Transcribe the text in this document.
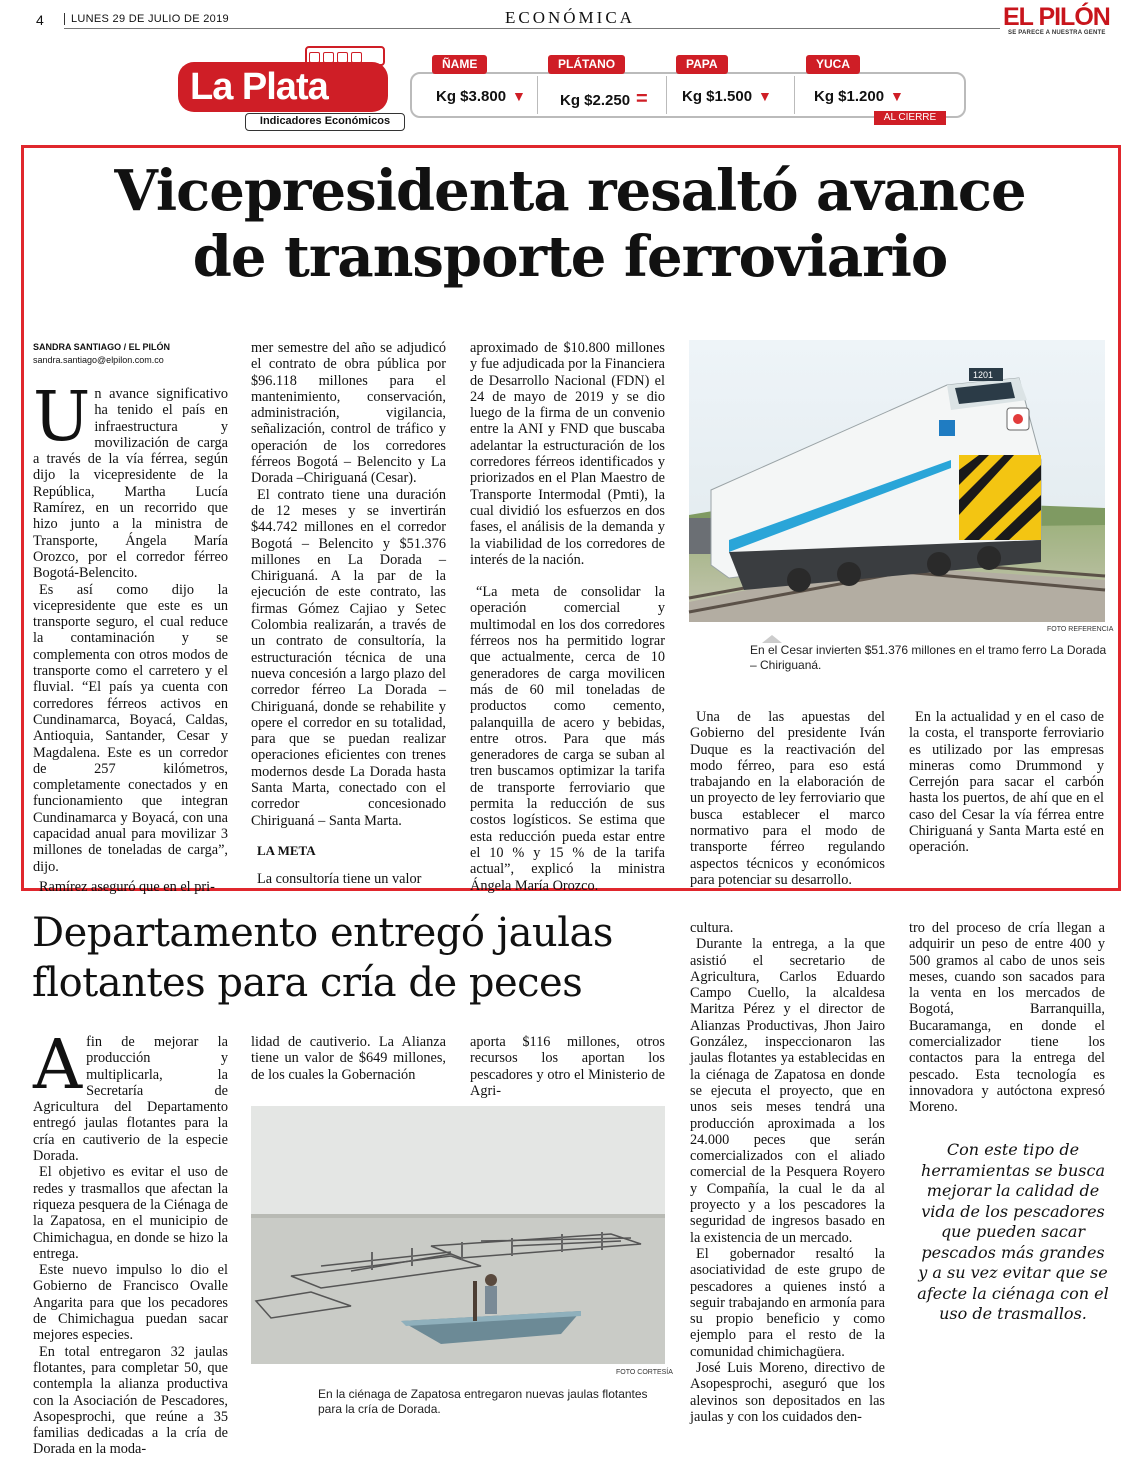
4	LUNES 29 DE JULIO DE 2019	ECONÓMICA	EL PILÓN
SE PARECE A NUESTRA GENTE
La Plata
Indicadores Económicos
ÑAME
Kg $3.800 ▼
PLÁTANO
Kg $2.250 =
PAPA
Kg $1.500 ▼
YUCA
Kg $1.200 ▼
AL CIERRE
Vicepresidenta resaltó avance
de transporte ferroviario
SANDRA SANTIAGO / EL PILÓN
sandra.santiago@elpilon.com.co

Un avance significativo ha tenido el país en infraestructura y movilización de carga a través de la vía férrea, según dijo la vicepresidente de la República, Martha Lucía Ramírez, en un recorrido que hizo junto a la ministra de Transporte, Ángela María Orozco, por el corredor férreo Bogotá-Belencito.

Es así como dijo la vicepresidente que este es un transporte seguro, el cual reduce la contaminación y se complementa con otros modos de transporte como el carretero y el fluvial. “El país ya cuenta con corredores férreos activos en Cundinamarca, Boyacá, Caldas, Antioquia, Santander, Cesar y Magdalena. Este es un corredor de 257 kilómetros, completamente conectados y en funcionamiento que integran Cundinamarca y Boyacá, con una capacidad anual para movilizar 3 millones de toneladas de carga”, dijo.

Ramírez aseguró que en el pri-

mer semestre del año se adjudicó el contrato de obra pública por $96.118 millones para el mantenimiento, conservación, administración, vigilancia, señalización, control de tráfico y operación de los corredores férreos Bogotá – Belencito y La Dorada –Chiriguaná (Cesar).

El contrato tiene una duración de 12 meses y se invertirán $44.742 millones en el corredor Bogotá – Belencito y $51.376 millones en La Dorada – Chiriguaná. A la par de la ejecución de este contrato, las firmas Gómez Cajiao y Setec Colombia realizarán, a través de un contrato de consultoría, la estructuración técnica de una nueva concesión a largo plazo del corredor férreo La Dorada – Chiriguaná, donde se rehabilite y opere el corredor en su totalidad, para que se puedan realizar operaciones eficientes con trenes modernos desde La Dorada hasta Santa Marta, conectado con el corredor concesionado Chiriguaná – Santa Marta.

LA META

La consultoría tiene un valor

aproximado de $10.800 millones y fue adjudicada por la Financiera de Desarrollo Nacional (FDN) el 24 de mayo de 2019 y se dio luego de la firma de un convenio entre la ANI y FND que buscaba adelantar la estructuración de los corredores férreos identificados y priorizados en el Plan Maestro de Transporte Intermodal (Pmti), la cual dividió los esfuerzos en dos fases, el análisis de la demanda y la viabilidad de los corredores de interés de la nación.

“La meta de consolidar la operación comercial y multimodal en los dos corredores férreos nos ha permitido lograr que actualmente, cerca de 10 generadores de carga movilicen más de 60 mil toneladas de productos como cemento, palanquilla de acero y bebidas, entre otros. Para que más generadores de carga se suban al tren buscamos optimizar la tarifa de transporte ferroviario que permita la reducción de sus costos logísticos. Se estima que esta reducción pueda estar entre el 10 % y 15 % de la tarifa actual”, explicó la ministra Ángela María Orozco.

1201
FOTO REFERENCIA
En el Cesar invierten $51.376 millones en el tramo ferro La Dorada – Chiriguaná.

Una de las apuestas del Gobierno del presidente Iván Duque es la reactivación del modo férreo, para eso está trabajando en la elaboración de un proyecto de ley ferroviario que busca establecer el marco normativo para el modo de transporte férreo regulando aspectos técnicos y económicos para potenciar su desarrollo.

En la actualidad y en el caso de la costa, el transporte ferroviario es utilizado por las empresas mineras como Drummond y Cerrejón para sacar el carbón hasta los puertos, de ahí que en el caso del Cesar la vía férrea entre Chiriguaná y Santa Marta esté en operación.

Departamento entregó jaulas
flotantes para cría de peces

Afin de mejorar la producción y multiplicarla, la Secretaría de Agricultura del Departamento entregó jaulas flotantes para la cría en cautiverio de la especie Dorada.

El objetivo es evitar el uso de redes y trasmallos que afectan la riqueza pesquera de la Ciénaga de la Zapatosa, en el municipio de Chimichagua, en donde se hizo la entrega.

Este nuevo impulso lo dio el Gobierno de Francisco Ovalle Angarita para que los pecadores de Chimichagua puedan sacar mejores especies.

En total entregaron 32 jaulas flotantes, para completar 50, que contempla la alianza productiva con la Asociación de Pescadores, Asopesprochi, que reúne a 35 familias dedicadas a la cría de Dorada en la moda-

lidad de cautiverio. La Alianza tiene un valor de $649 millones, de los cuales la Gobernación

aporta $116 millones, otros recursos los aportan los pescadores y otro el Ministerio de Agri-

FOTO CORTESÍA
En la ciénaga de Zapatosa entregaron nuevas jaulas flotantes para la cría de Dorada.

cultura.

Durante la entrega, a la que asistió el secretario de Agricultura, Carlos Eduardo Campo Cuello, la alcaldesa Maritza Pérez y el director de Alianzas Productivas, Jhon Jairo González, inspeccionaron las jaulas flotantes ya establecidas en la ciénaga de Zapatosa en donde se ejecuta el proyecto, que en unos seis meses tendrá una producción aproximada a los 24.000 peces que serán comercializados con el aliado comercial de la Pesquera Royero y Compañía, la cual le da al proyecto y a los pescadores la seguridad de ingresos basado en la existencia de un mercado.

El gobernador resaltó la asociatividad de este grupo de pescadores a quienes instó a seguir trabajando en armonía para su propio beneficio y como ejemplo para el resto de la comunidad chimichagüera.

José Luis Moreno, directivo de Asopesprochi, aseguró que los alevinos son depositados en las jaulas y con los cuidados den-

tro del proceso de cría llegan a adquirir un peso de entre 400 y 500 gramos al cabo de unos seis meses, cuando son sacados para la venta en los mercados de Bogotá, Barranquilla, Bucaramanga, en donde el comercializador tiene los contactos para la entrega del pescado. Esta tecnología es innovadora y autóctona expresó Moreno.

Con este tipo de herramientas se busca mejorar la calidad de vida de los pescadores que pueden sacar pescados más grandes y a su vez evitar que se afecte la ciénaga con el uso de trasmallos.
